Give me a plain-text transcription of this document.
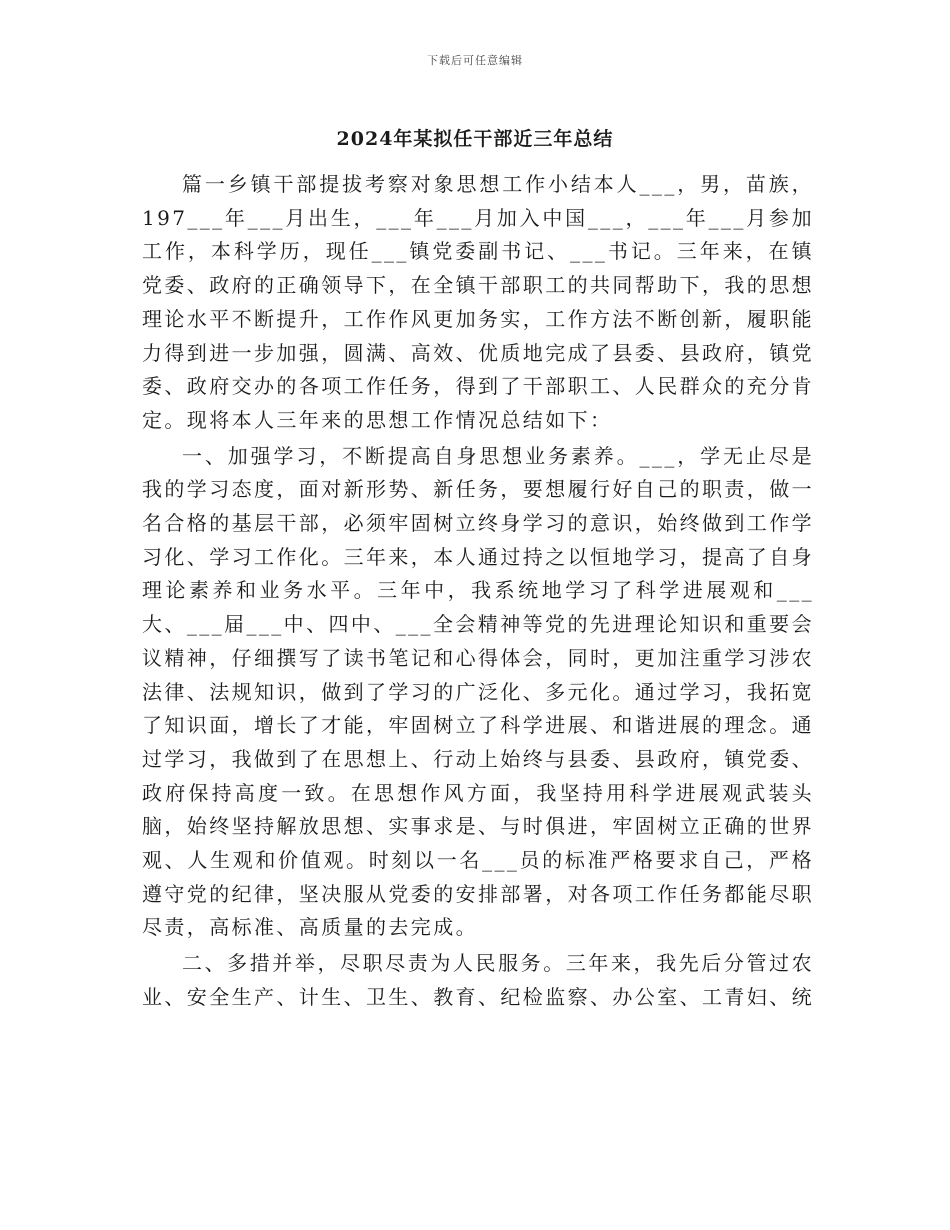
下载后可任意编辑
2024年某拟任干部近三年总结

篇一乡镇干部提拔考察对象思想工作小结本人___，男，苗族，197___年___月出生，___年___月加入中国___，___年___月参加工作，本科学历，现任___镇党委副书记、___书记。三年来，在镇党委、政府的正确领导下，在全镇干部职工的共同帮助下，我的思想理论水平不断提升，工作作风更加务实，工作方法不断创新，履职能力得到进一步加强，圆满、高效、优质地完成了县委、县政府，镇党委、政府交办的各项工作任务，得到了干部职工、人民群众的充分肯定。现将本人三年来的思想工作情况总结如下：

一、加强学习，不断提高自身思想业务素养。___，学无止尽是我的学习态度，面对新形势、新任务，要想履行好自己的职责，做一名合格的基层干部，必须牢固树立终身学习的意识，始终做到工作学习化、学习工作化。三年来，本人通过持之以恒地学习，提高了自身理论素养和业务水平。三年中，我系统地学习了科学进展观和___大、___届___中、四中、___全会精神等党的先进理论知识和重要会议精神，仔细撰写了读书笔记和心得体会，同时，更加注重学习涉农法律、法规知识，做到了学习的广泛化、多元化。通过学习，我拓宽了知识面，增长了才能，牢固树立了科学进展、和谐进展的理念。通过学习，我做到了在思想上、行动上始终与县委、县政府，镇党委、政府保持高度一致。在思想作风方面，我坚持用科学进展观武装头脑，始终坚持解放思想、实事求是、与时俱进，牢固树立正确的世界观、人生观和价值观。时刻以一名___员的标准严格要求自己，严格遵守党的纪律，坚决服从党委的安排部署，对各项工作任务都能尽职尽责，高标准、高质量的去完成。

二、多措并举，尽职尽责为人民服务。三年来，我先后分管过农业、安全生产、计生、卫生、教育、纪检监察、办公室、工青妇、统
